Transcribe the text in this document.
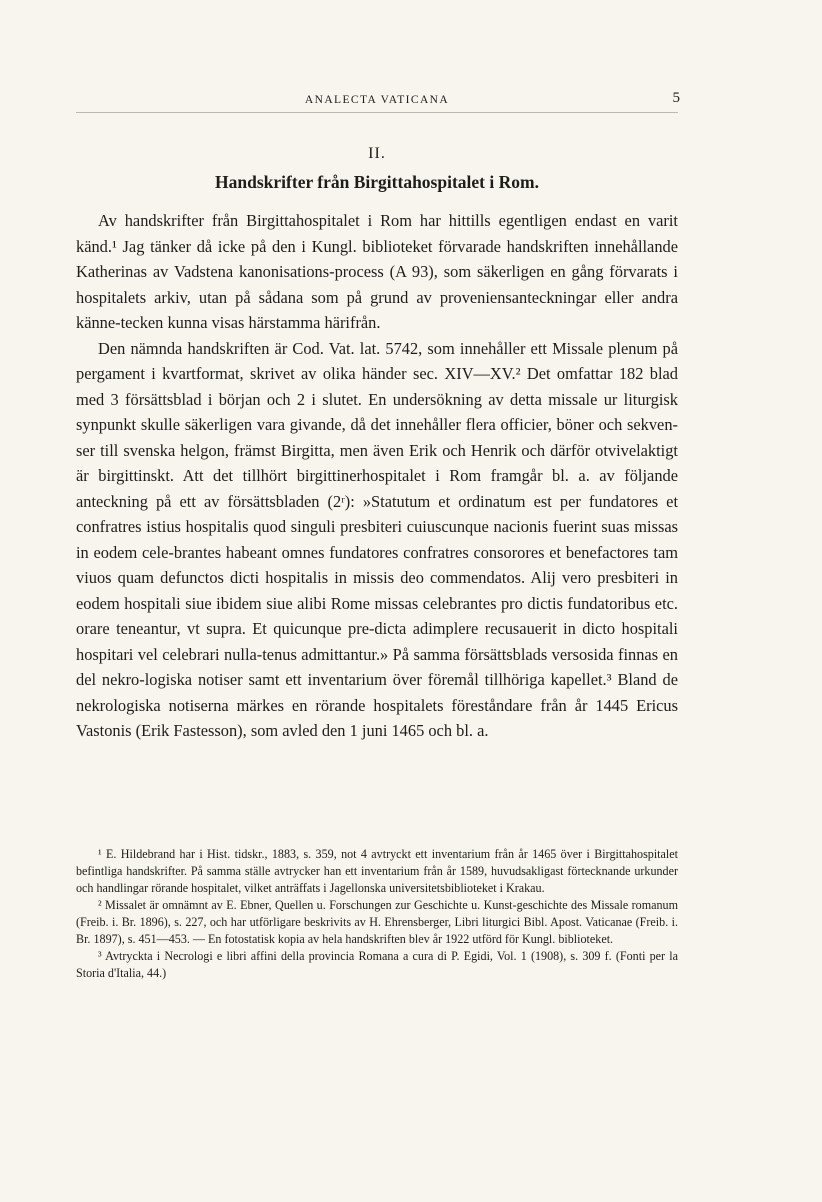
ANALECTA VATICANA	5
II.
Handskrifter från Birgittahospitalet i Rom.

Av handskrifter från Birgittahospitalet i Rom har hittills egentligen endast en varit känd.¹ Jag tänker då icke på den i Kungl. biblioteket förvarade handskriften innehållande Katherinas av Vadstena kanonisations-process (A 93), som säkerligen en gång förvarats i hospitalets arkiv, utan på sådana som på grund av proveniensanteckningar eller andra känne-tecken kunna visas härstamma härifrån.

Den nämnda handskriften är Cod. Vat. lat. 5742, som innehåller ett Missale plenum på pergament i kvartformat, skrivet av olika händer sec. XIV—XV.² Det omfattar 182 blad med 3 försättsblad i början och 2 i slutet. En undersökning av detta missale ur liturgisk synpunkt skulle säkerligen vara givande, då det innehåller flera officier, böner och sekven-ser till svenska helgon, främst Birgitta, men även Erik och Henrik och därför otvivelaktigt är birgittinskt. Att det tillhört birgittinerhospitalet i Rom framgår bl. a. av följande anteckning på ett av försättsbladen (2ʳ): »Statutum et ordinatum est per fundatores et confratres istius hospitalis quod singuli presbiteri cuiuscunque nacionis fuerint suas missas in eodem cele-brantes habeant omnes fundatores confratres consorores et benefactores tam viuos quam defunctos dicti hospitalis in missis deo commendatos. Alij vero presbiteri in eodem hospitali siue ibidem siue alibi Rome missas celebrantes pro dictis fundatoribus etc. orare teneantur, vt supra. Et quicunque pre-dicta adimplere recusauerit in dicto hospitali hospitari vel celebrari nulla-tenus admittantur.» På samma försättsblads versosida finnas en del nekro-logiska notiser samt ett inventarium över föremål tillhöriga kapellet.³ Bland de nekrologiska notiserna märkes en rörande hospitalets föreståndare från år 1445 Ericus Vastonis (Erik Fastesson), som avled den 1 juni 1465 och bl. a.

¹ E. Hildebrand har i Hist. tidskr., 1883, s. 359, not 4 avtryckt ett inventarium från år 1465 över i Birgittahospitalet befintliga handskrifter. På samma ställe avtrycker han ett inventarium från år 1589, huvudsakligast förtecknande urkunder och handlingar rörande hospitalet, vilket anträffats i Jagellonska universitetsbiblioteket i Krakau.

² Missalet är omnämnt av E. Ebner, Quellen u. Forschungen zur Geschichte u. Kunst-geschichte des Missale romanum (Freib. i. Br. 1896), s. 227, och har utförligare beskrivits av H. Ehrensberger, Libri liturgici Bibl. Apost. Vaticanae (Freib. i. Br. 1897), s. 451—453. — En fotostatisk kopia av hela handskriften blev år 1922 utförd för Kungl. biblioteket.

³ Avtryckta i Necrologi e libri affini della provincia Romana a cura di P. Egidi, Vol. 1 (1908), s. 309 f. (Fonti per la Storia d'Italia, 44.)
